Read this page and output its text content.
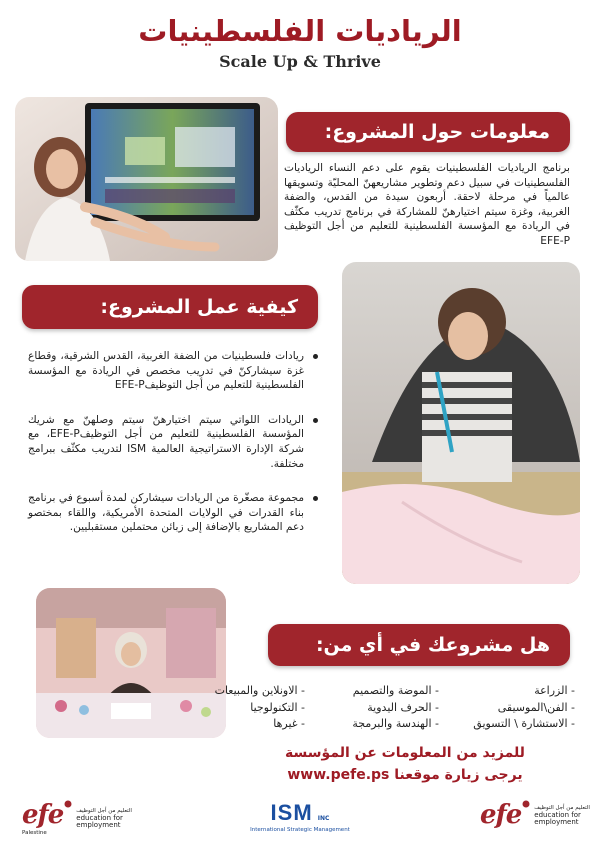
الرياديات الفلسطينيات
Scale Up & Thrive
معلومات حول المشروع:
برنامج الرياديات الفلسطينيات يقوم على دعم النساء الرياديات الفلسطينيات في سبيل دعم وتطوير مشاريعهنّ المحليّة وتسويقها عالمياً في مرحلة لاحقة. أربعون سيدة من القدس، والضفة الغربية، وغزة سيتم اختيارهنّ للمشاركة في برنامج تدريب مكثّف في الريادة مع المؤسسة الفلسطينية للتعليم من أجل التوظيف EFE-P
كيفية عمل المشروع:
ريادات فلسطينيات من الضفة الغربية، القدس الشرقية، وقطاع غزة سيشاركنّ في تدريب مخصص في الريادة مع المؤسسة الفلسطينية للتعليم من أجل التوظيفEFE-P
الريادات اللواتي سيتم اختيارهنّ سيتم وصلهنّ مع شريك المؤسسة الفلسطينية للتعليم من أجل التوظيفEFE-P، مع شركة الإدارة الاستراتيجية العالمية ISM لتدريب مكثّف ببرامج مختلفة.
مجموعة مصغّرة من الريادات سيشاركن لمدة أسبوع في برنامج بناء القدرات في الولايات المتحدة الأمريكية، واللقاء بمختصو دعم المشاريع بالإضافة إلى زبائن محتملين مستقبليين.
هل مشروعك في أي من:
- الزراعة
- الموضة والتصميم
- الاونلاين والمبيعات
- الفن\الموسيقى
- الحرف اليدوية
- التكنولوجيا
- الاستشارة \ التسويق
- الهندسة والبرمجة
- غيرها
للمزيد من المعلومات عن المؤسسة
يرجى زيارة موقعنا www.pefe.ps
efe
Palestine
التعليم من أجل التوظيف
education for
employment	ISM INC
International Strategic Management	efe التعليم من أجل التوظيف
education for
employment
